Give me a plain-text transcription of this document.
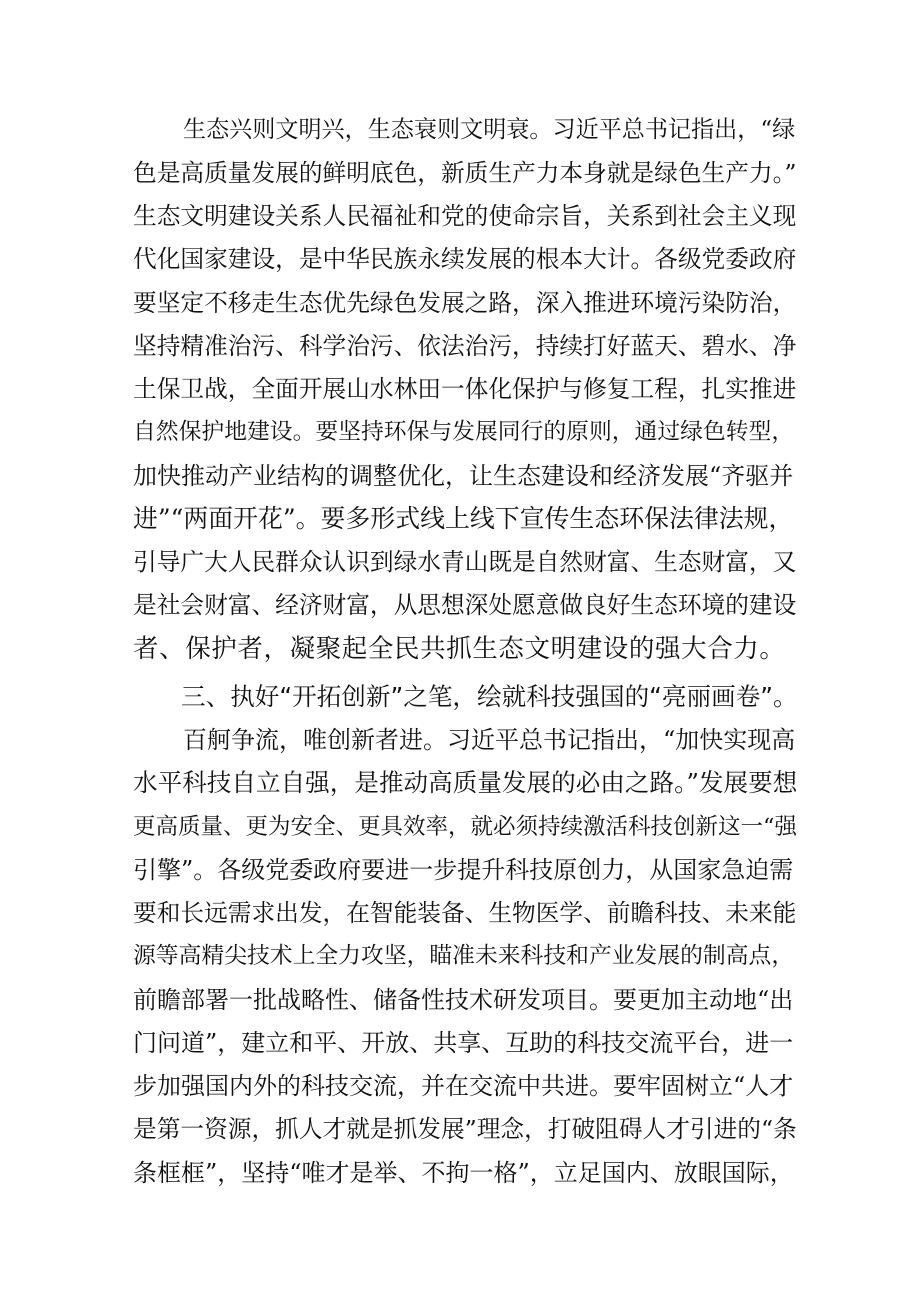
生态兴则文明兴，生态衰则文明衰。习近平总书记指出，“绿
色是高质量发展的鲜明底色，新质生产力本身就是绿色生产力。”
生态文明建设关系人民福祉和党的使命宗旨，关系到社会主义现
代化国家建设，是中华民族永续发展的根本大计。各级党委政府
要坚定不移走生态优先绿色发展之路，深入推进环境污染防治，
坚持精准治污、科学治污、依法治污，持续打好蓝天、碧水、净
土保卫战，全面开展山水林田一体化保护与修复工程，扎实推进
自然保护地建设。要坚持环保与发展同行的原则，通过绿色转型，
加快推动产业结构的调整优化，让生态建设和经济发展“齐驱并
进”“两面开花”。要多形式线上线下宣传生态环保法律法规，
引导广大人民群众认识到绿水青山既是自然财富、生态财富，又
是社会财富、经济财富，从思想深处愿意做良好生态环境的建设
者、保护者，凝聚起全民共抓生态文明建设的强大合力。
三、执好“开拓创新”之笔，绘就科技强国的“亮丽画卷”。
百舸争流，唯创新者进。习近平总书记指出，“加快实现高
水平科技自立自强，是推动高质量发展的必由之路。”发展要想
更高质量、更为安全、更具效率，就必须持续激活科技创新这一“强
引擎”。各级党委政府要进一步提升科技原创力，从国家急迫需
要和长远需求出发，在智能装备、生物医学、前瞻科技、未来能
源等高精尖技术上全力攻坚，瞄准未来科技和产业发展的制高点，
前瞻部署一批战略性、储备性技术研发项目。要更加主动地“出
门问道”，建立和平、开放、共享、互助的科技交流平台，进一
步加强国内外的科技交流，并在交流中共进。要牢固树立“人才
是第一资源，抓人才就是抓发展”理念，打破阻碍人才引进的“条
条框框”，坚持“唯才是举、不拘一格”，立足国内、放眼国际，
